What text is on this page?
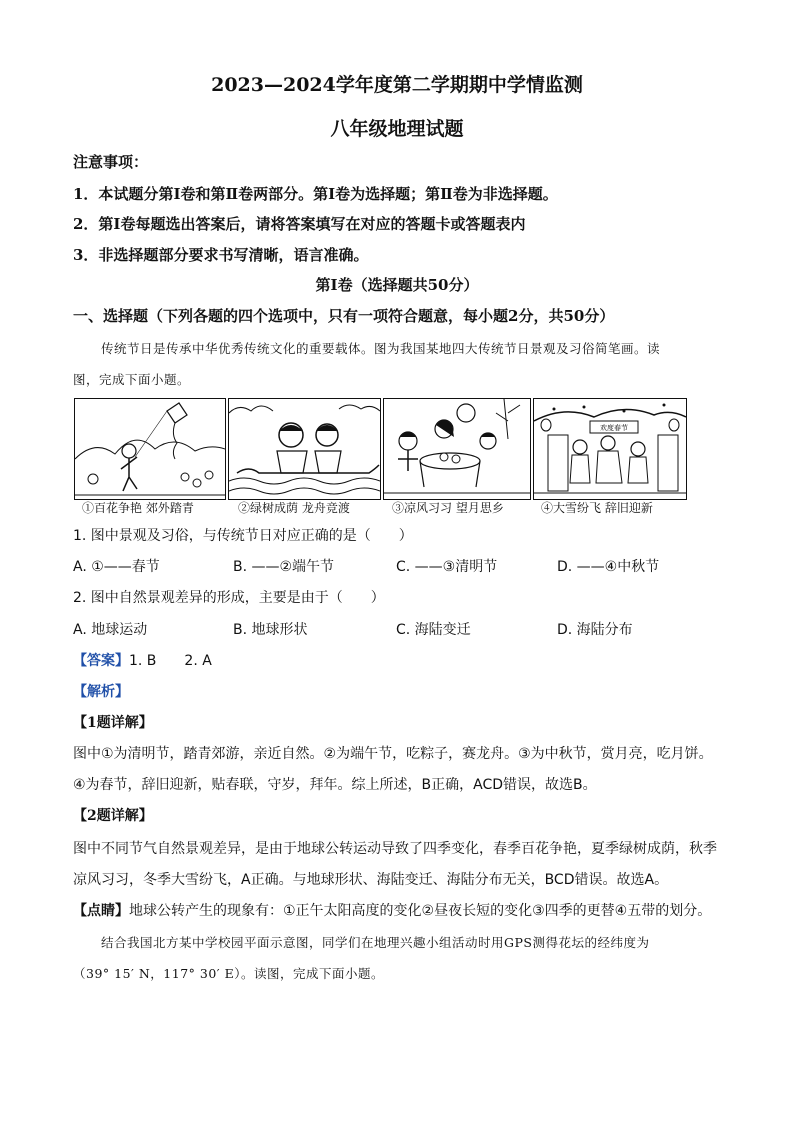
2023—2024学年度第二学期期中学情监测
八年级地理试题
注意事项：
1．本试题分第Ⅰ卷和第Ⅱ卷两部分。第Ⅰ卷为选择题；第Ⅱ卷为非选择题。
2．第Ⅰ卷每题选出答案后，请将答案填写在对应的答题卡或答题表内
3．非选择题部分要求书写清晰，语言准确。
第Ⅰ卷（选择题共50分）
一、选择题（下列各题的四个选项中，只有一项符合题意，每小题2分，共50分）
传统节日是传承中华优秀传统文化的重要载体。图为我国某地四大传统节日景观及习俗简笔画。读
图，完成下面小题。
欢度春节
①百花争艳 郊外踏青	②绿树成荫 龙舟竞渡	③凉风习习 望月思乡	④大雪纷飞 辞旧迎新
1. 图中景观及习俗，与传统节日对应正确的是（　　）
A. ①——春节	B. ——②端午节	C. ——③清明节	D. ——④中秋节
2. 图中自然景观差异的形成，主要是由于（　　）
A. 地球运动	B. 地球形状	C. 海陆变迁	D. 海陆分布
【答案】1. B　　2. A
【解析】
【1题详解】
图中①为清明节，踏青郊游，亲近自然。②为端午节，吃粽子，赛龙舟。③为中秋节，赏月亮，吃月饼。
④为春节，辞旧迎新，贴春联，守岁，拜年。综上所述，B正确，ACD错误，故选B。
【2题详解】
图中不同节气自然景观差异，是由于地球公转运动导致了四季变化，春季百花争艳，夏季绿树成荫，秋季
凉风习习，冬季大雪纷飞，A正确。与地球形状、海陆变迁、海陆分布无关，BCD错误。故选A。
【点睛】地球公转产生的现象有：①正午太阳高度的变化②昼夜长短的变化③四季的更替④五带的划分。
结合我国北方某中学校园平面示意图，同学们在地理兴趣小组活动时用GPS测得花坛的经纬度为
（39° 15′ N，117° 30′ E）。读图，完成下面小题。
